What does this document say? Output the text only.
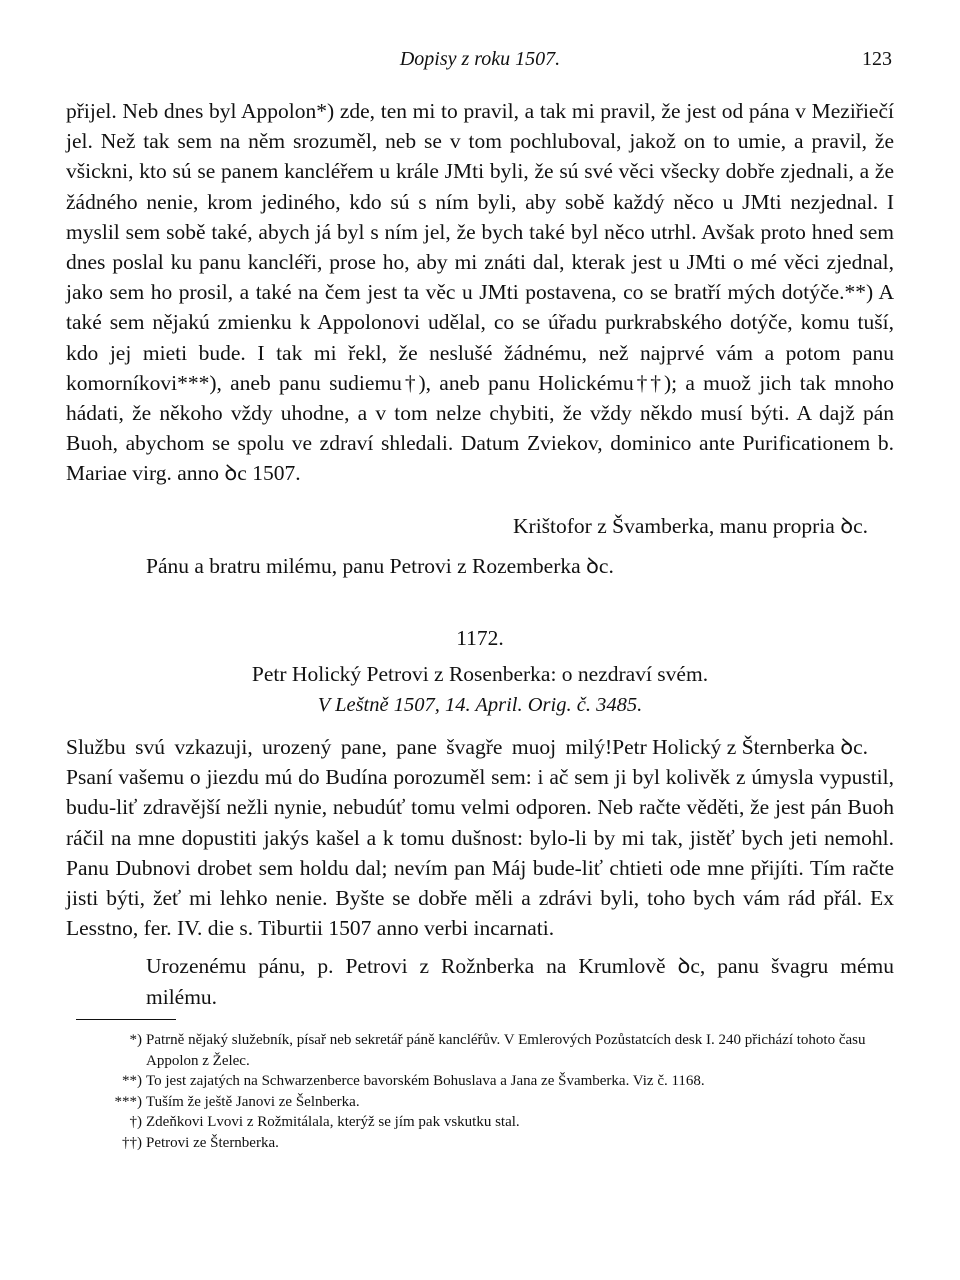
Dopisy z roku 1507.	123

přijel. Neb dnes byl Appolon*) zde, ten mi to pravil, a tak mi pravil, že jest od pána v Meziřiečí jel. Než tak sem na něm srozuměl, neb se v tom pochluboval, jakož on to umie, a pravil, že všickni, kto sú se panem kancléřem u krále JMti byli, že sú své věci všecky dobře zjednali, a že žádného nenie, krom jediného, kdo sú s ním byli, aby sobě každý něco u JMti nezjednal. I myslil sem sobě také, abych já byl s ním jel, že bych také byl něco utrhl. Avšak proto hned sem dnes poslal ku panu kancléři, prose ho, aby mi znáti dal, kterak jest u JMti o mé věci zjednal, jako sem ho prosil, a také na čem jest ta věc u JMti postavena, co se bratří mých dotýče.**) A také sem nějakú zmienku k Appolonovi udělal, co se úřadu purkrabského dotýče, komu tuší, kdo jej mieti bude. I tak mi řekl, že neslušé žádnému, než najprvé vám a potom panu komorníkovi***), aneb panu sudiemu†), aneb panu Holickému††); a muož jich tak mnoho hádati, že někoho vždy uhodne, a v tom nelze chybiti, že vždy někdo musí býti. A dajž pán Buoh, abychom se spolu ve zdraví shledali. Datum Zviekov, dominico ante Purificationem b. Mariae virg. anno ꝺc 1507.

Krištofor z Švamberka, manu propria ꝺc.
Pánu a bratru milému, panu Petrovi z Rozemberka ꝺc.
1172.
Petr Holický Petrovi z Rosenberka: o nezdraví svém.
V Leštně 1507, 14. April. Orig. č. 3485.

Petr Holický z Šternberka ꝺc.
Službu svú vzkazuji, urozený pane, pane švagře muoj milý! Psaní vašemu o jiezdu mú do Budína porozuměl sem: i ač sem ji byl kolivěk z úmysla vypustil, budu-liť zdravější nežli nynie, nebudúť tomu velmi odporen. Neb račte věděti, že jest pán Buoh ráčil na mne dopustiti jakýs kašel a k tomu dušnost: bylo-li by mi tak, jistěť bych jeti nemohl. Panu Dubnovi drobet sem holdu dal; nevím pan Máj bude-liť chtieti ode mne přijíti. Tím račte jisti býti, žeť mi lehko nenie. Byšte se dobře měli a zdrávi byli, toho bych vám rád přál. Ex Lesstno, fer. IV. die s. Tiburtii 1507 anno verbi incarnati.

Urozenému pánu, p. Petrovi z Rožnberka na Krumlově ꝺc, panu švagru mému milému.

*) Patrně nějaký služebník, písař neb sekretář páně kancléřův. V Emlerových Pozůstatcích desk I. 240 přichází tohoto času Appolon z Želec.

**) To jest zajatých na Schwarzenberce bavorském Bohuslava a Jana ze Švamberka. Viz č. 1168.

***) Tuším že ještě Janovi ze Šelnberka.

†) Zdeňkovi Lvovi z Rožmitálala, kterýž se jím pak vskutku stal.

††) Petrovi ze Šternberka.
